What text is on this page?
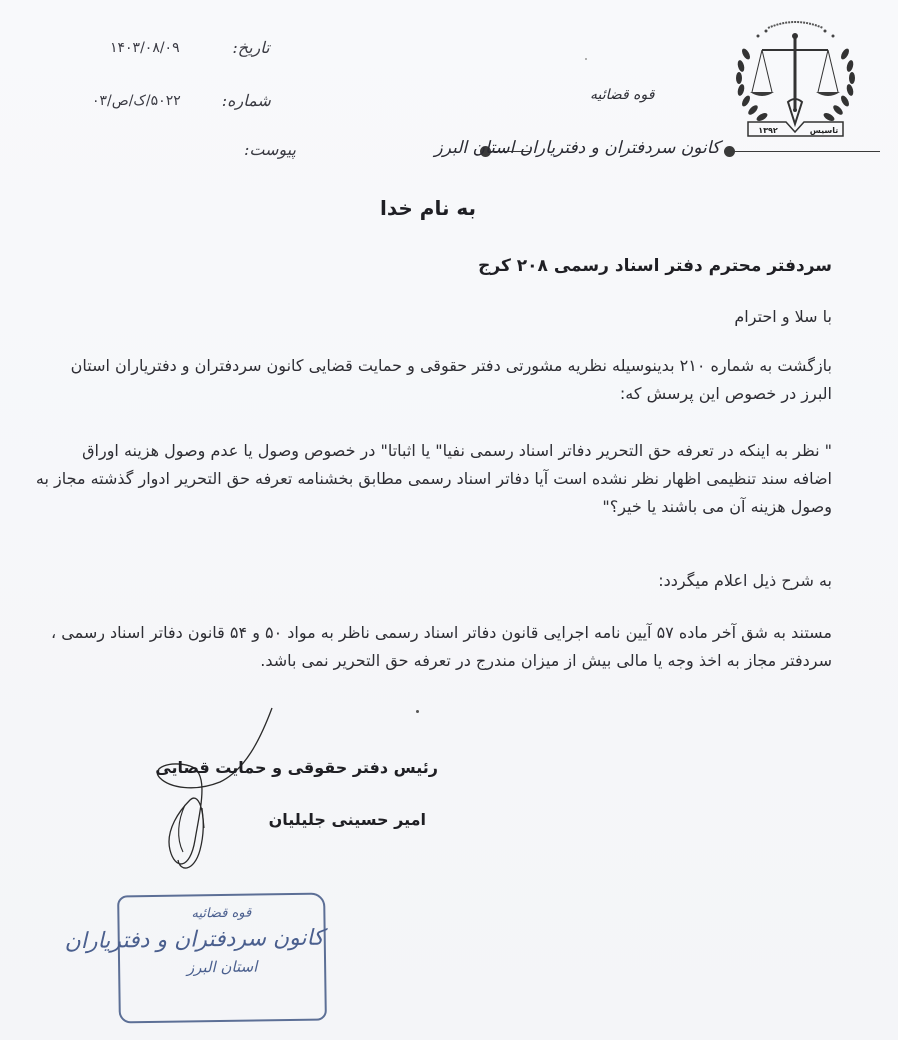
تاریخ:
۱۴۰۳/۰۸/۰۹
شماره:
۵۰۲۲/ک/ص/۰۳
پیوست:
قوه قضائیه
کانون سردفتران و دفتریاران استان البرز
۱۳۹۲	تاسیس
به نام خدا
سردفتر محترم دفتر اسناد رسمی ۲۰۸ کرج
با سلا و احترام
بازگشت به شماره ۲۱۰ بدینوسیله نظریه مشورتی دفتر حقوقی و حمایت قضایی کانون سردفتران و دفتریاران استان
البرز در خصوص این پرسش که:
" نظر به اینکه در تعرفه حق التحریر دفاتر اسناد رسمی نفیا" یا اثباتا" در خصوص وصول یا عدم وصول هزینه اوراق
اضافه سند تنظیمی اظهار نظر نشده است آیا دفاتر اسناد رسمی مطابق بخشنامه تعرفه حق التحریر ادوار گذشته مجاز به
وصول هزینه آن می باشند یا خیر؟"
به شرح ذیل اعلام میگردد:
مستند به شق آخر ماده ۵۷ آیین نامه اجرایی قانون دفاتر اسناد رسمی ناظر به مواد ۵۰ و ۵۴ قانون دفاتر اسناد رسمی ،
سردفتر مجاز به اخذ وجه یا مالی بیش از میزان مندرج در تعرفه حق التحریر نمی باشد.
رئیس دفتر حقوقی و حمایت قضایی
امیر حسینی جلیلیان
قوه قضائیه
کانون سردفتران و دفتریاران
استان البرز
